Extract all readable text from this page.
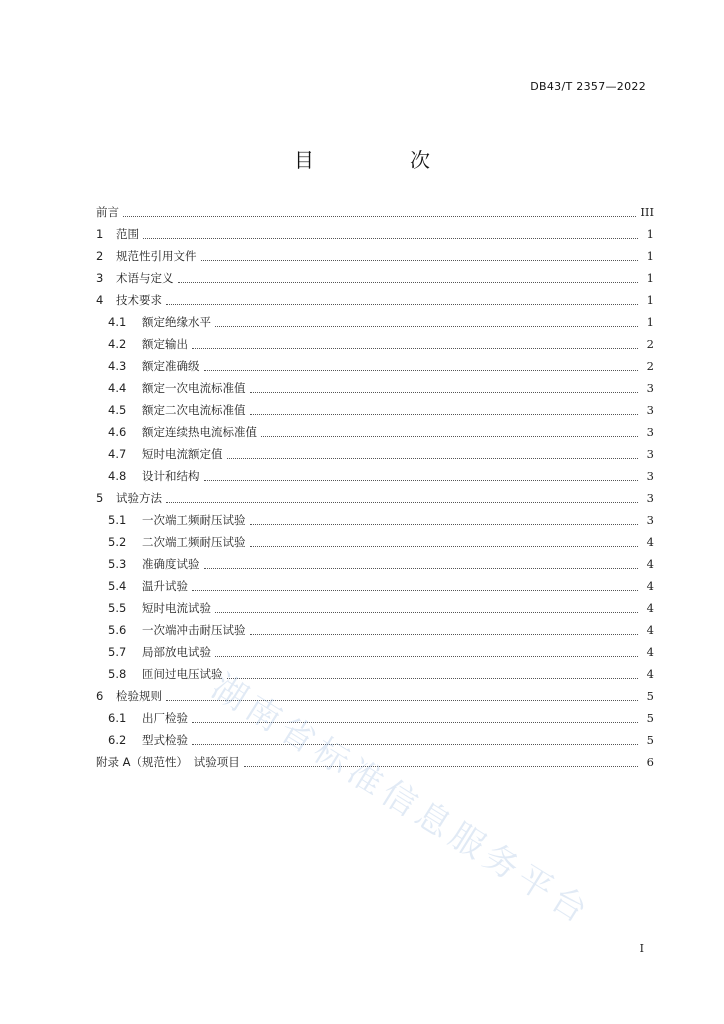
DB43/T 2357—2022
目　次
前言	III
1	范围	1
2	规范性引用文件	1
3	术语与定义	1
4	技术要求	1
4.1	额定绝缘水平	1
4.2	额定输出	2
4.3	额定准确级	2
4.4	额定一次电流标准值	3
4.5	额定二次电流标准值	3
4.6	额定连续热电流标准值	3
4.7	短时电流额定值	3
4.8	设计和结构	3
5	试验方法	3
5.1	一次端工频耐压试验	3
5.2	二次端工频耐压试验	4
5.3	准确度试验	4
5.4	温升试验	4
5.5	短时电流试验	4
5.6	一次端冲击耐压试验	4
5.7	局部放电试验	4
5.8	匝间过电压试验	4
6	检验规则	5
6.1	出厂检验	5
6.2	型式检验	5
附录 A（规范性）　试验项目	6
湖南省标准信息服务平台
I
